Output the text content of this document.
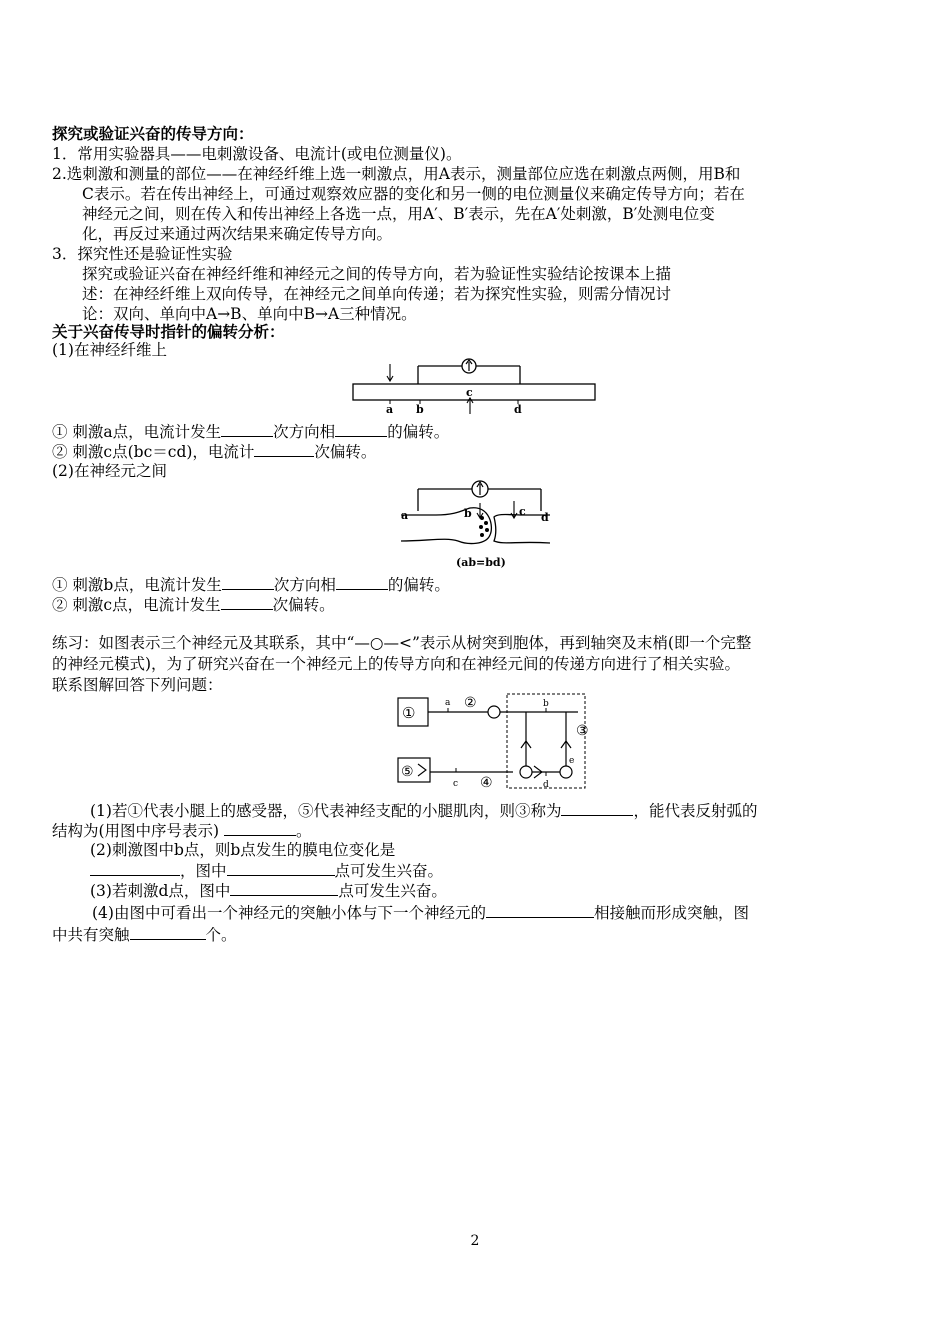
探究或验证兴奋的传导方向：
1．常用实验器具——电刺激设备、电流计(或电位测量仪)。
2.选刺激和测量的部位——在神经纤维上选一刺激点，用A表示，测量部位应选在刺激点两侧，用B和
C表示。若在传出神经上，可通过观察效应器的变化和另一侧的电位测量仪来确定传导方向；若在
神经元之间，则在传入和传出神经上各选一点，用A′、B′表示，先在A′处刺激，B′处测电位变
化，再反过来通过两次结果来确定传导方向。
3．探究性还是验证性实验
探究或验证兴奋在神经纤维和神经元之间的传导方向，若为验证性实验结论按课本上描
述：在神经纤维上双向传导，在神经元之间单向传递；若为探究性实验，则需分情况讨
论：双向、单向中A→B、单向中B→A三种情况。
关于兴奋传导时指针的偏转分析：
(1)在神经纤维上
a b
c
d
① 刺激a点，电流计发生	次方向相	的偏转。
② 刺激c点(bc＝cd)，电流计	次偏转。
(2)在神经元之间
a	b	c d
(ab=bd)
① 刺激b点，电流计发生	次方向相	的偏转。
② 刺激c点，电流计发生	次偏转。
练习：如图表示三个神经元及其联系，其中“—○—<”表示从树突到胞体，再到轴突及末梢(即一个完整
的神经元模式)，为了研究兴奋在一个神经元上的传导方向和在神经元间的传递方向进行了相关实验。
联系图解回答下列问题：
①
a ②	b
③
e
⑤
c ④	d
(1)若①代表小腿上的感受器，⑤代表神经支配的小腿肌肉，则③称为	，能代表反射弧的
结构为(用图中序号表示)	。
(2)刺激图中b点，则b点发生的膜电位变化是
，图中	点可发生兴奋。
(3)若刺激d点，图中	点可发生兴奋。
(4)由图中可看出一个神经元的突触小体与下一个神经元的	相接触而形成突触，图
中共有突触	个。
2
